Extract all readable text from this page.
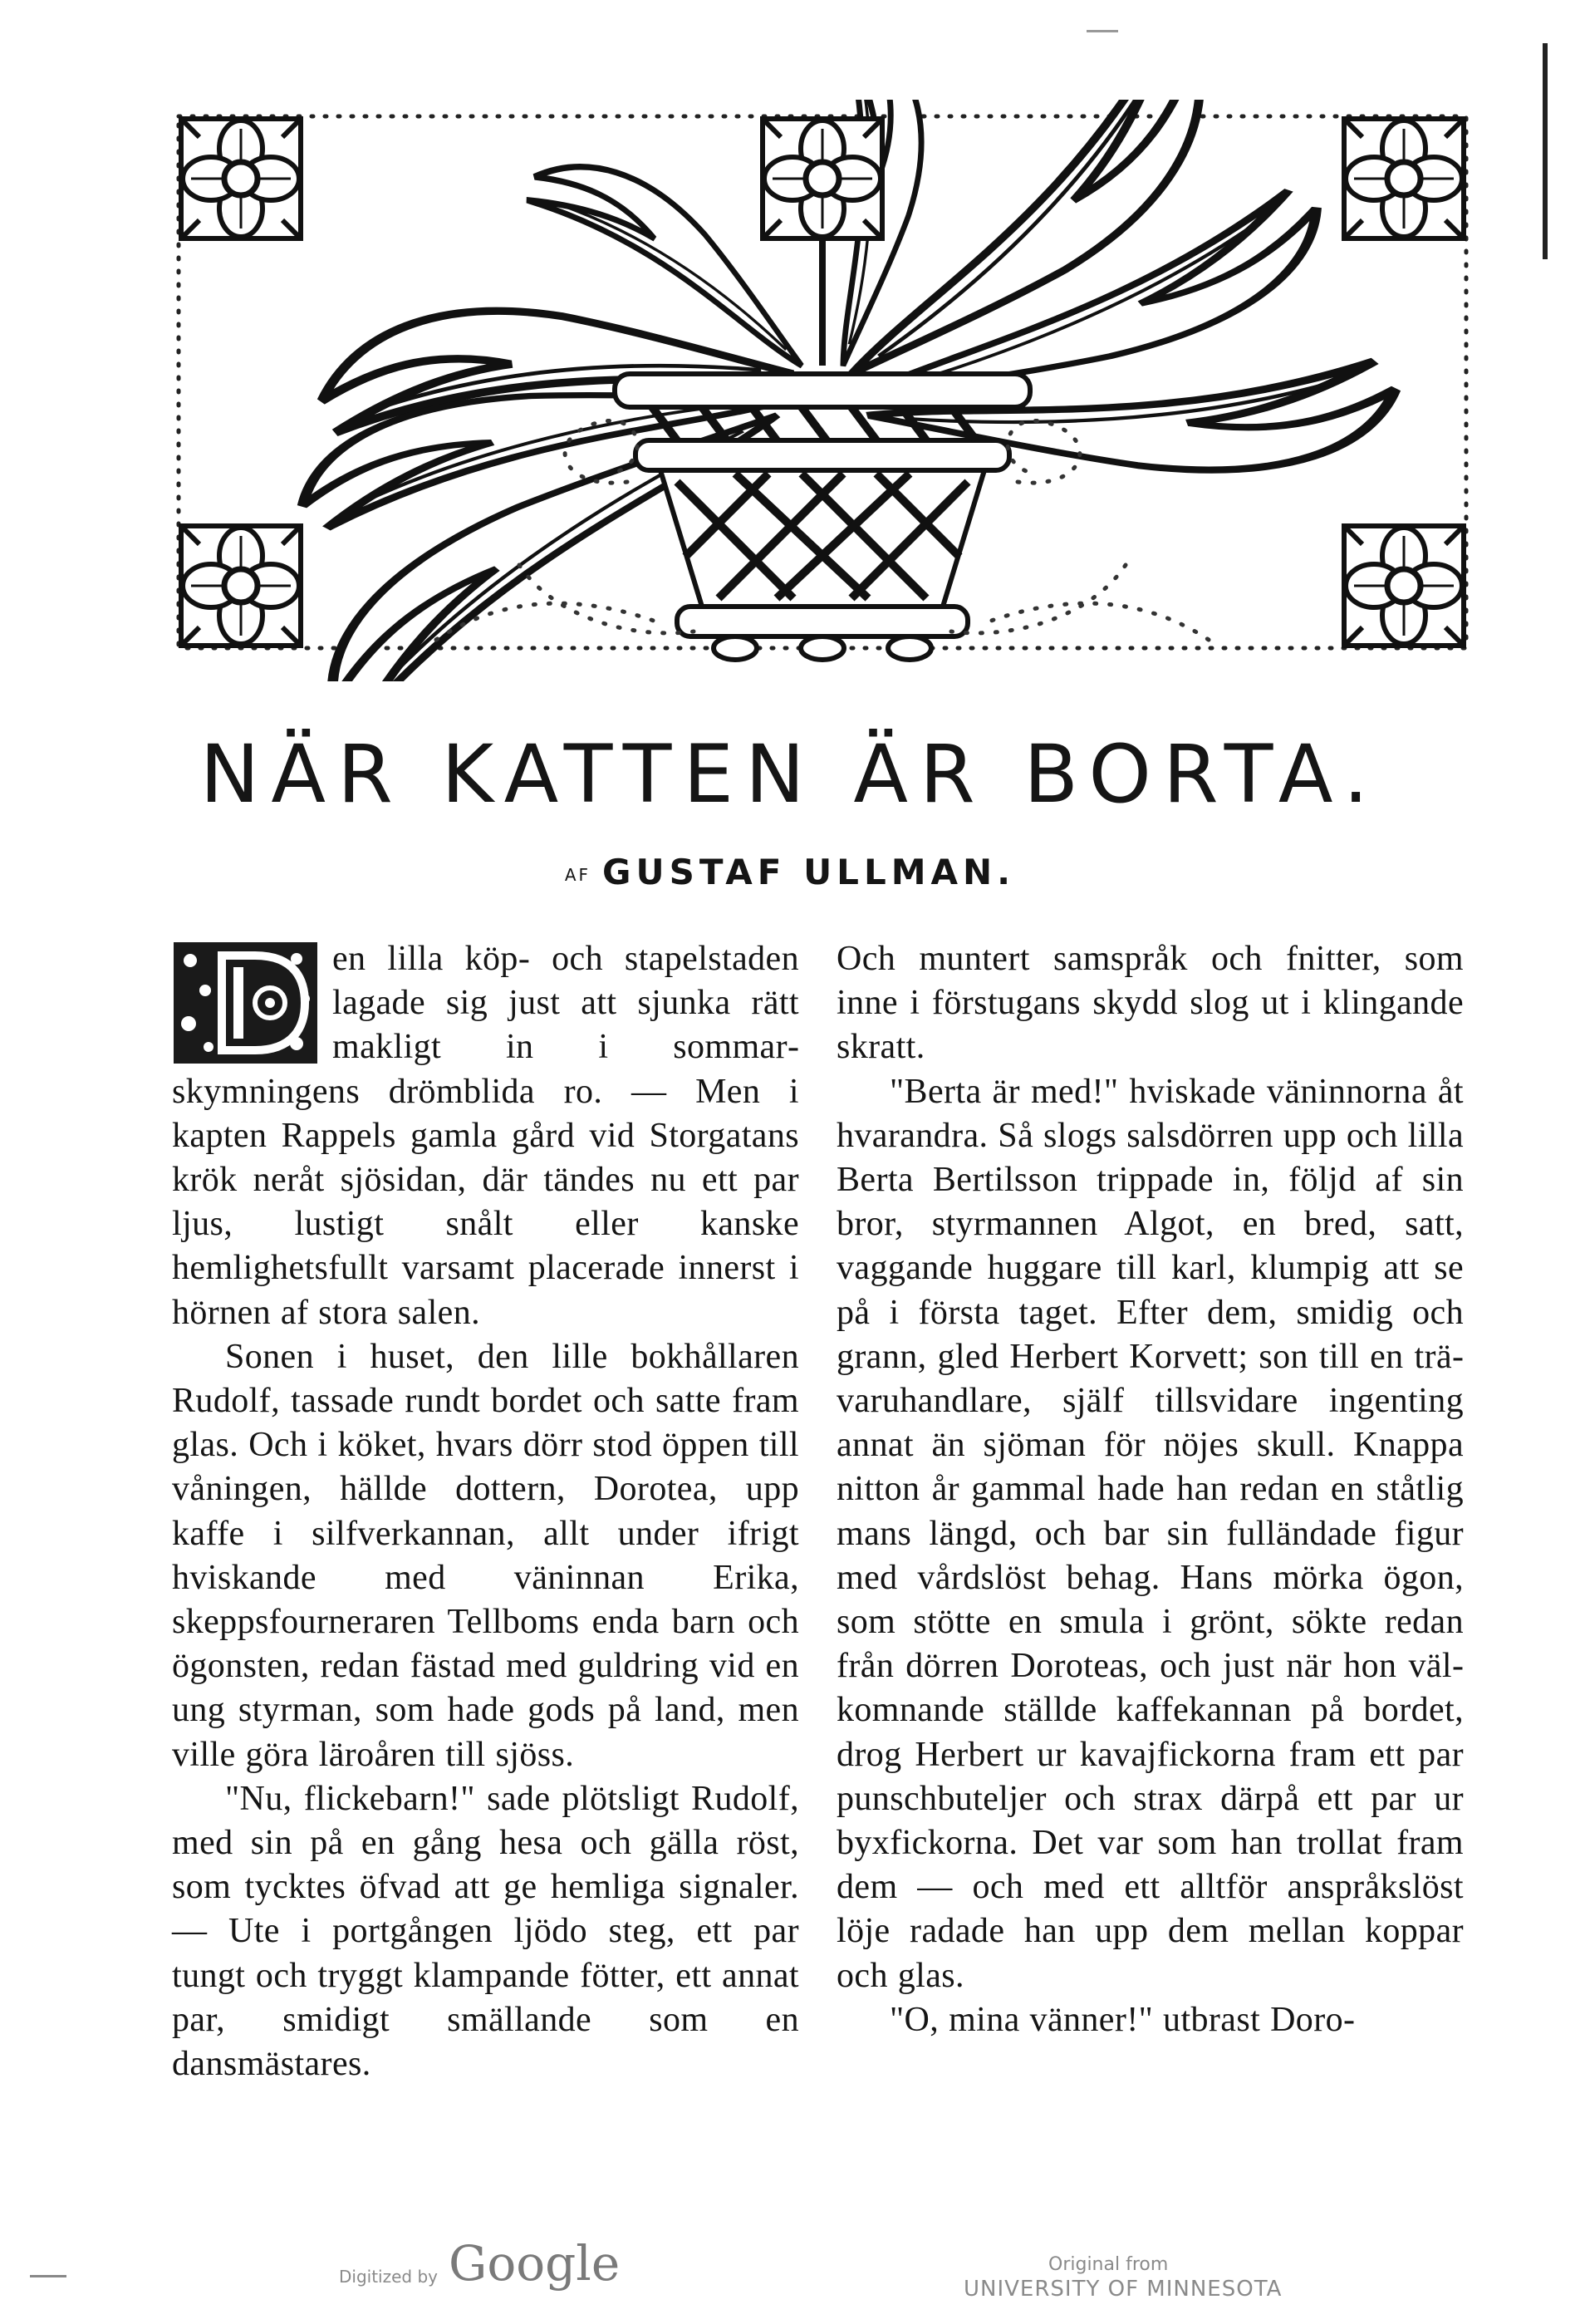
NÄR KATTEN ÄR BORTA.
AF GUSTAF ULLMAN.

en lilla köp- och stapelstaden lagade sig just att sjunka rätt makligt in i sommarskymningens drömblida ro. — Men i kapten Rappels gamla gård vid Storgatans krök neråt sjösidan, där tändes nu ett par ljus, lustigt snålt eller kanske hemlighetsfullt varsamt placerade innerst i hörnen af stora salen.

Sonen i huset, den lille bokhållaren Rudolf, tassade rundt bordet och satte fram glas. Och i köket, hvars dörr stod öppen till våningen, hällde dottern, Dorotea, upp kaffe i silfverkannan, allt under ifrigt hviskande med väninnan Erika, skeppsfourneraren Tellboms enda barn och ögonsten, redan fästad med guldring vid en ung styrman, som hade gods på land, men ville göra läroåren till sjöss.

"Nu, flickebarn!" sade plötsligt Rudolf, med sin på en gång hesa och gälla röst, som tycktes öfvad att ge hemliga signaler. — Ute i portgången ljödo steg, ett par tungt och tryggt klampande fötter, ett annat par, smidigt smällande som en dansmästares.

Och muntert samspråk och fnitter, som inne i förstugans skydd slog ut i klingande skratt.

"Berta är med!" hviskade väninnorna åt hvarandra. Så slogs salsdörren upp och lilla Berta Bertilsson trippade in, följd af sin bror, styrmannen Algot, en bred, satt, vaggande huggare till karl, klumpig att se på i första taget. Efter dem, smidig och grann, gled Herbert Korvett; son till en trävaruhandlare, själf tillsvidare ingenting annat än sjöman för nöjes skull. Knappa nitton år gammal hade han redan en ståtlig mans längd, och bar sin fulländade figur med vårdslöst behag. Hans mörka ögon, som stötte en smula i grönt, sökte redan från dörren Doroteas, och just när hon välkomnande ställde kaffekannan på bordet, drog Herbert ur kavajfickorna fram ett par punschbuteljer och strax därpå ett par ur byxfickorna. Det var som han trollat fram dem — och med ett alltför anspråkslöst löje radade han upp dem mellan koppar och glas.

"O, mina vänner!" utbrast Doro-

Digitized by Google	Original from
UNIVERSITY OF MINNESOTA
